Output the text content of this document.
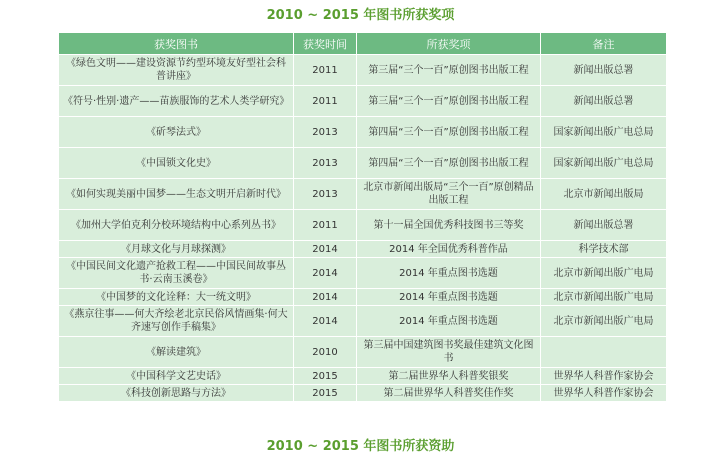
2010 ~ 2015 年图书所获奖项
获奖图书	获奖时间	所获奖项	备注
《绿色文明——建设资源节约型环境友好型社会科普讲座》	2011	第三届“三个一百”原创图书出版工程	新闻出版总署
《符号·性别·遗产——苗族服饰的艺术人类学研究》	2011	第三届“三个一百”原创图书出版工程	新闻出版总署
《斫琴法式》	2013	第四届“三个一百”原创图书出版工程	国家新闻出版广电总局
《中国锁文化史》	2013	第四届“三个一百”原创图书出版工程	国家新闻出版广电总局
《如何实现美丽中国梦——生态文明开启新时代》	2013	北京市新闻出版局“三个一百”原创精品出版工程	北京市新闻出版局
《加州大学伯克利分校环境结构中心系列丛书》	2011	第十一届全国优秀科技图书三等奖	新闻出版总署
《月球文化与月球探测》	2014	2014 年全国优秀科普作品	科学技术部
《中国民间文化遗产抢救工程——中国民间故事丛书·云南玉溪卷》	2014	2014 年重点图书选题	北京市新闻出版广电局
《中国梦的文化诠释：大一统文明》	2014	2014 年重点图书选题	北京市新闻出版广电局
《燕京往事——何大齐绘老北京民俗风情画集·何大齐速写创作手稿集》	2014	2014 年重点图书选题	北京市新闻出版广电局
《解读建筑》	2010	第三届中国建筑图书奖最佳建筑文化图书	
《中国科学文艺史话》	2015	第二届世界华人科普奖银奖	世界华人科普作家协会
《科技创新思路与方法》	2015	第二届世界华人科普奖佳作奖	世界华人科普作家协会
2010 ~ 2015 年图书所获资助
